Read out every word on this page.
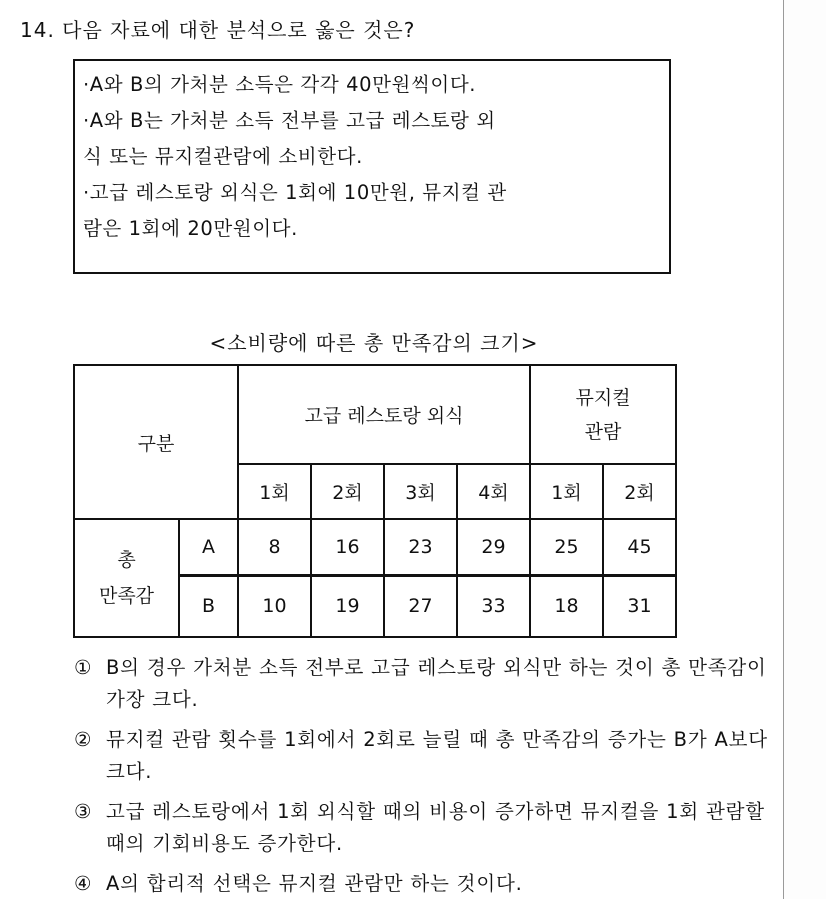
14. 다음 자료에 대한 분석으로 옳은 것은?
·A와 B의 가처분 소득은 각각 40만원씩이다.
·A와 B는 가처분 소득 전부를 고급 레스토랑 외
식 또는 뮤지컬관람에 소비한다.
·고급 레스토랑 외식은 1회에 10만원, 뮤지컬 관
람은 1회에 20만원이다.
<소비량에 따른 총 만족감의 크기>
구분		고급 레스토랑 외식				뮤지컬
관람	

		1회	2회	3회	4회	1회	2회

총
만족감	A	8	16	23	29	25	45
	B	10	19	27	33	18	31
① B의 경우 가처분 소득 전부로 고급 레스토랑 외식만 하는 것이 총 만족감이 가장 크다.
② 뮤지컬 관람 횟수를 1회에서 2회로 늘릴 때 총 만족감의 증가는 B가 A보다 크다.
③ 고급 레스토랑에서 1회 외식할 때의 비용이 증가하면 뮤지컬을 1회 관람할 때의 기회비용도 증가한다.
④ A의 합리적 선택은 뮤지컬 관람만 하는 것이다.
